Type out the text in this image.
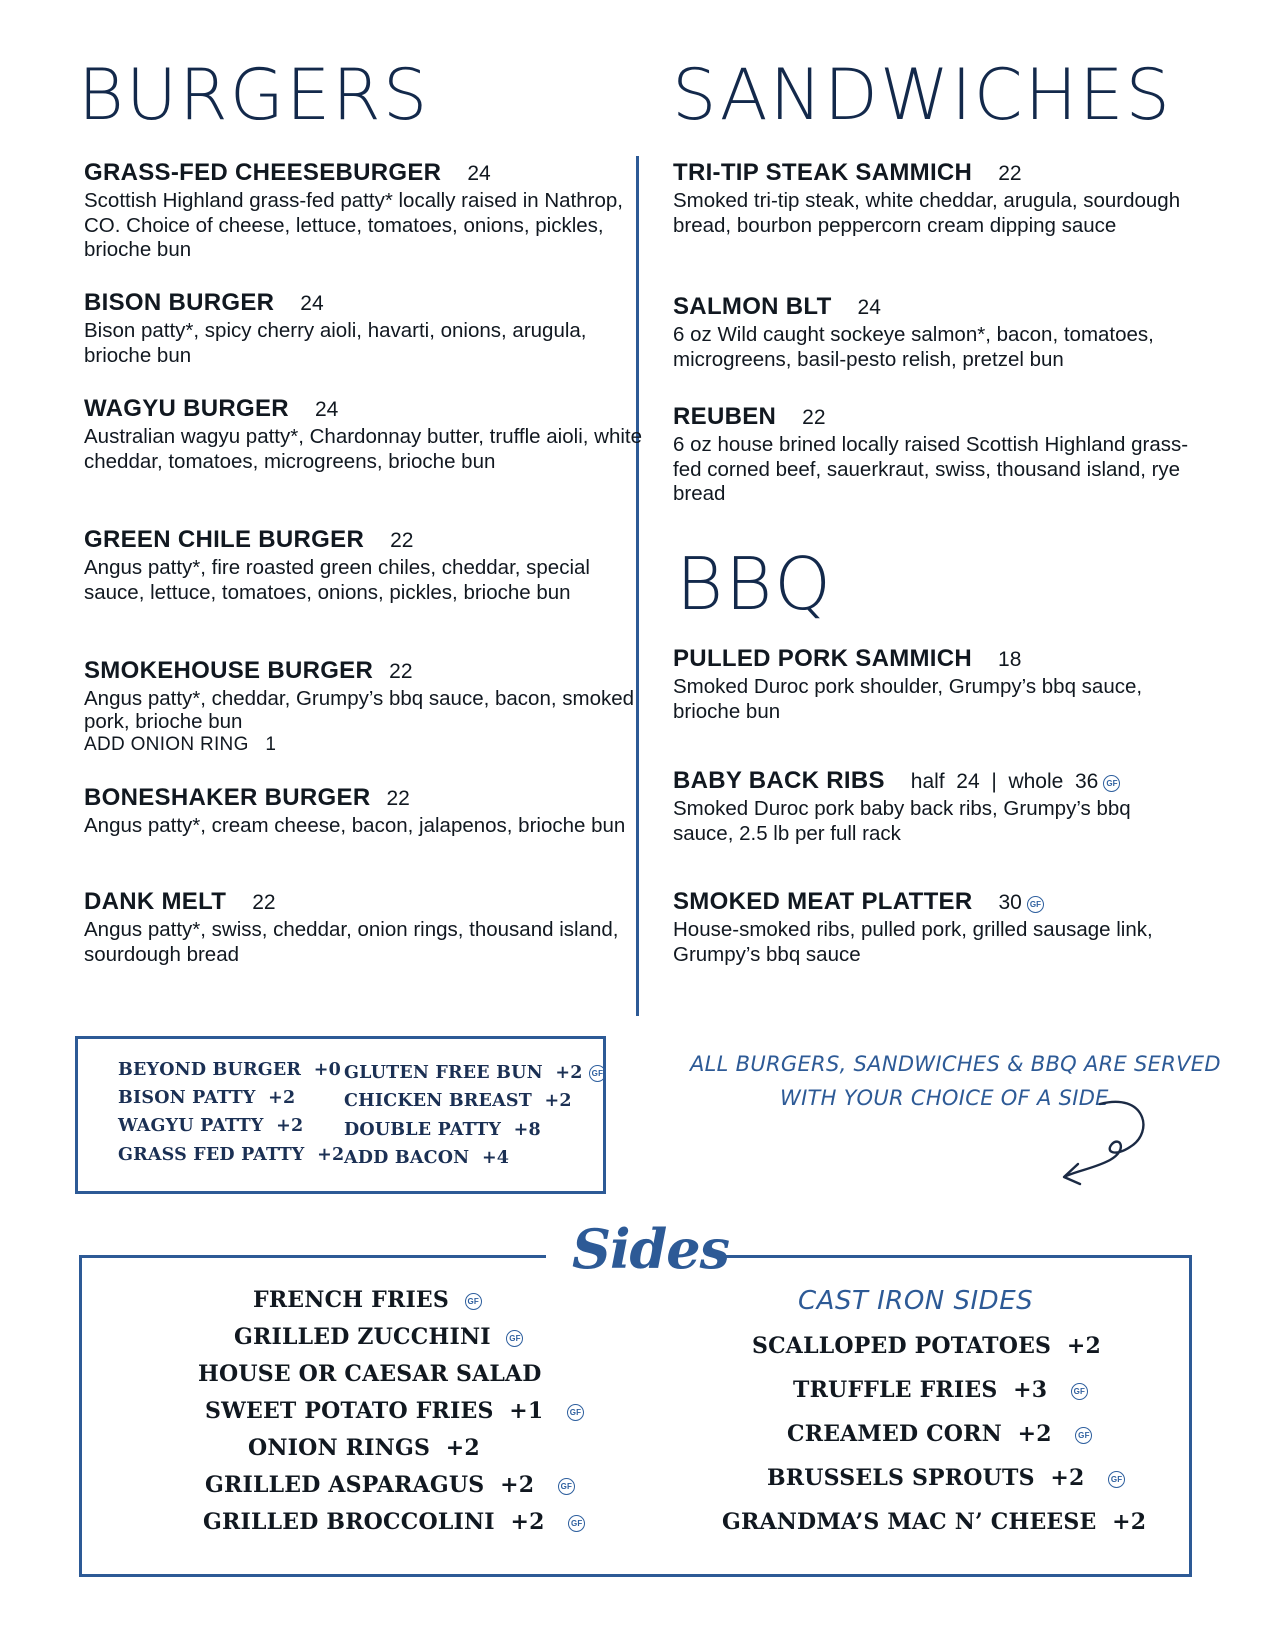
BURGERS	SANDWICHES
GRASS-FED CHEESEBURGER 24
Scottish Highland grass-fed patty* locally raised in Nathrop, CO. Choice of cheese, lettuce, tomatoes, onions, pickles, brioche bun
BISON BURGER 24
Bison patty*, spicy cherry aioli, havarti, onions, arugula, brioche bun
WAGYU BURGER 24
Australian wagyu patty*, Chardonnay butter, truffle aioli, white cheddar, tomatoes, microgreens, brioche bun
GREEN CHILE BURGER 22
Angus patty*, fire roasted green chiles, cheddar, special sauce, lettuce, tomatoes, onions, pickles, brioche bun
SMOKEHOUSE BURGER 22
Angus patty*, cheddar, Grumpy’s bbq sauce, bacon, smoked pork, brioche bun
ADD ONION RING   1
BONESHAKER BURGER 22
Angus patty*, cream cheese, bacon, jalapenos, brioche bun
DANK MELT 22
Angus patty*, swiss, cheddar, onion rings, thousand island, sourdough bread
TRI-TIP STEAK SAMMICH 22
Smoked tri-tip steak, white cheddar, arugula, sourdough bread, bourbon peppercorn cream dipping sauce
SALMON BLT 24
6 oz Wild caught sockeye salmon*, bacon, tomatoes, microgreens, basil-pesto relish, pretzel bun
REUBEN 22
6 oz house brined locally raised Scottish Highland grass-fed corned beef, sauerkraut, swiss, thousand island, rye bread
BBQ
PULLED PORK SAMMICH 18
Smoked Duroc pork shoulder, Grumpy’s bbq sauce, brioche bun
BABY BACK RIBS half  24  |  whole  36 GF
Smoked Duroc pork baby back ribs, Grumpy’s bbq sauce, 2.5 lb per full rack
SMOKED MEAT PLATTER 30 GF
House-smoked ribs, pulled pork, grilled sausage link, Grumpy’s bbq sauce
BEYOND BURGER  +0
BISON PATTY  +2
WAGYU PATTY  +2
GRASS FED PATTY  +2
GLUTEN FREE BUN  +2 GF
CHICKEN BREAST  +2
DOUBLE PATTY  +8
ADD BACON  +4
ALL BURGERS, SANDWICHES & BBQ ARE SERVED
WITH YOUR CHOICE OF A SIDE
Sides
FRENCH FRIES GF
GRILLED ZUCCHINI GF
HOUSE OR CAESAR SALAD
SWEET POTATO FRIES  +1	GF
ONION RINGS  +2
GRILLED ASPARAGUS  +2	GF
GRILLED BROCCOLINI  +2	GF
CAST IRON SIDES
SCALLOPED POTATOES  +2
TRUFFLE FRIES  +3	GF
CREAMED CORN  +2	GF
BRUSSELS SPROUTS  +2	GF
GRANDMA’S MAC N’ CHEESE  +2
